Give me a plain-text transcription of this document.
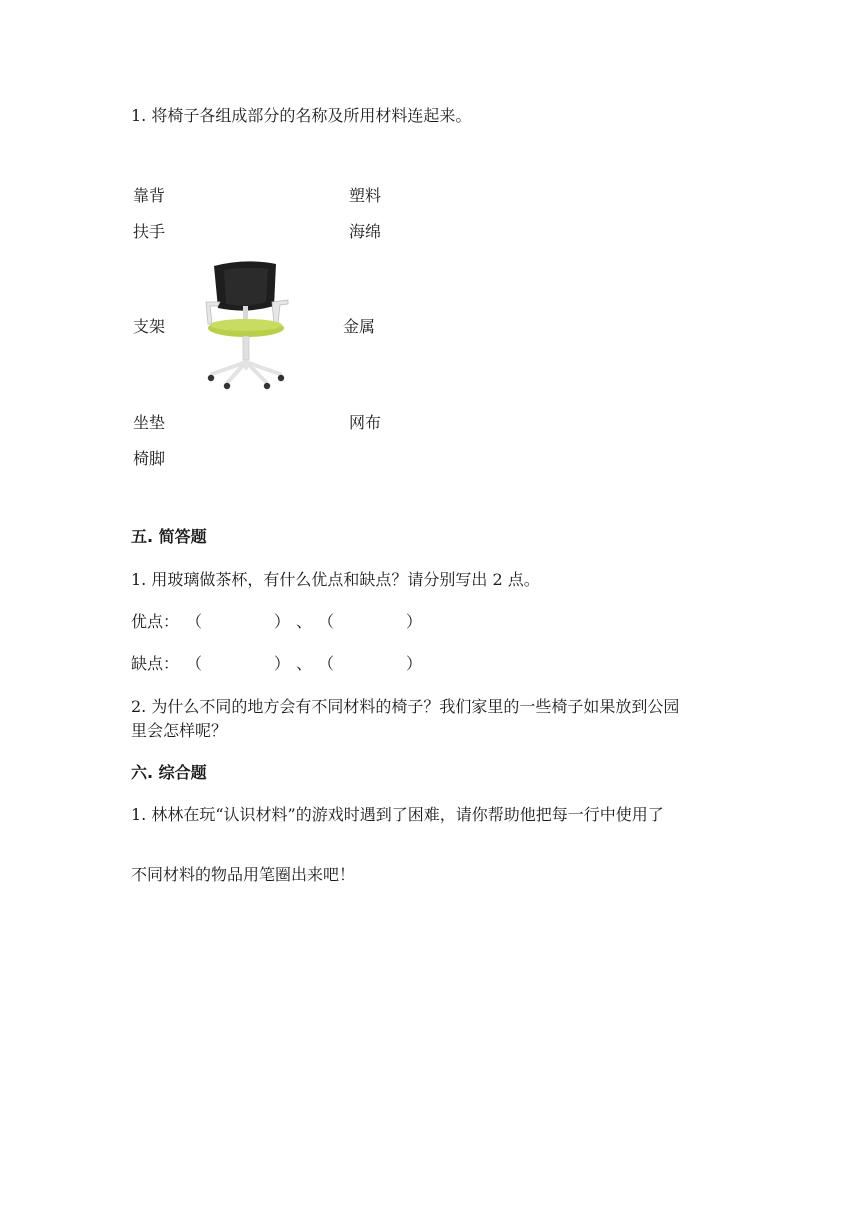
1. 将椅子各组成部分的名称及所用材料连起来。
靠背
扶手
支架
坐垫
椅脚
塑料
海绵
金属
网布
五. 简答题
1. 用玻璃做茶杯，有什么优点和缺点？请分别写出 2 点。
优点： （	） 、 （	）
缺点： （	） 、 （	）
2. 为什么不同的地方会有不同材料的椅子？我们家里的一些椅子如果放到公园
里会怎样呢？
六. 综合题
1. 林林在玩“认识材料”的游戏时遇到了困难，请你帮助他把每一行中使用了
不同材料的物品用笔圈出来吧！
